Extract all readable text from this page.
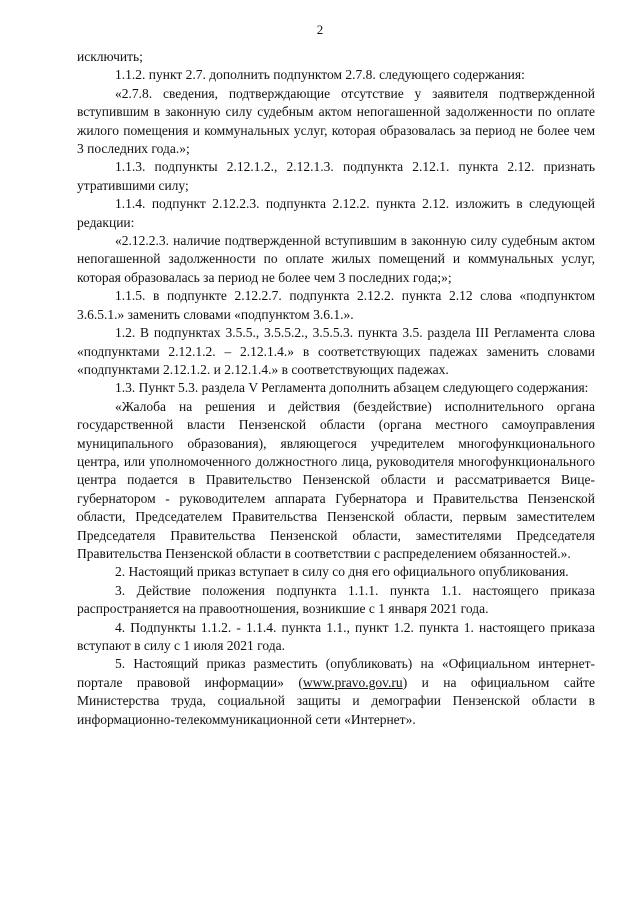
2

исключить;

1.1.2. пункт 2.7. дополнить подпунктом 2.7.8. следующего содержания:

«2.7.8. сведения, подтверждающие отсутствие у заявителя подтвержденной вступившим в законную силу судебным актом непогашенной задолженности по оплате жилого помещения и коммунальных услуг, которая образовалась за период не более чем 3 последних года.»;

1.1.3. подпункты 2.12.1.2., 2.12.1.3. подпункта 2.12.1. пункта 2.12. признать утратившими силу;

1.1.4. подпункт 2.12.2.3. подпункта 2.12.2. пункта 2.12. изложить в следующей редакции:

«2.12.2.3. наличие подтвержденной вступившим в законную силу судебным актом непогашенной задолженности по оплате жилых помещений и коммунальных услуг, которая образовалась за период не более чем 3 последних года;»;

1.1.5. в подпункте 2.12.2.7. подпункта 2.12.2. пункта 2.12 слова «подпунктом 3.6.5.1.» заменить словами «подпунктом 3.6.1.».

1.2. В подпунктах 3.5.5., 3.5.5.2., 3.5.5.3. пункта 3.5. раздела III Регламента слова «подпунктами 2.12.1.2. – 2.12.1.4.» в соответствующих падежах заменить словами «подпунктами 2.12.1.2. и 2.12.1.4.» в соответствующих падежах.

1.3. Пункт 5.3. раздела V Регламента дополнить абзацем следующего содержания:

«Жалоба на решения и действия (бездействие) исполнительного органа государственной власти Пензенской области (органа местного самоуправления муниципального образования), являющегося учредителем многофункционального центра, или уполномоченного должностного лица, руководителя многофункционального центра подается в Правительство Пензенской области и рассматривается Вице-губернатором - руководителем аппарата Губернатора и Правительства Пензенской области, Председателем Правительства Пензенской области, первым заместителем Председателя Правительства Пензенской области, заместителями Председателя Правительства Пензенской области в соответствии с распределением обязанностей.».

2. Настоящий приказ вступает в силу со дня его официального опубликования.

3. Действие положения подпункта 1.1.1. пункта 1.1. настоящего приказа распространяется на правоотношения, возникшие с 1 января 2021 года.

4. Подпункты 1.1.2. - 1.1.4. пункта 1.1., пункт 1.2. пункта 1. настоящего приказа вступают в силу с 1 июля 2021 года.

5. Настоящий приказ разместить (опубликовать) на «Официальном интернет-портале правовой информации» (www.pravo.gov.ru) и на официальном сайте Министерства труда, социальной защиты и демографии Пензенской области в информационно-телекоммуникационной сети «Интернет».
